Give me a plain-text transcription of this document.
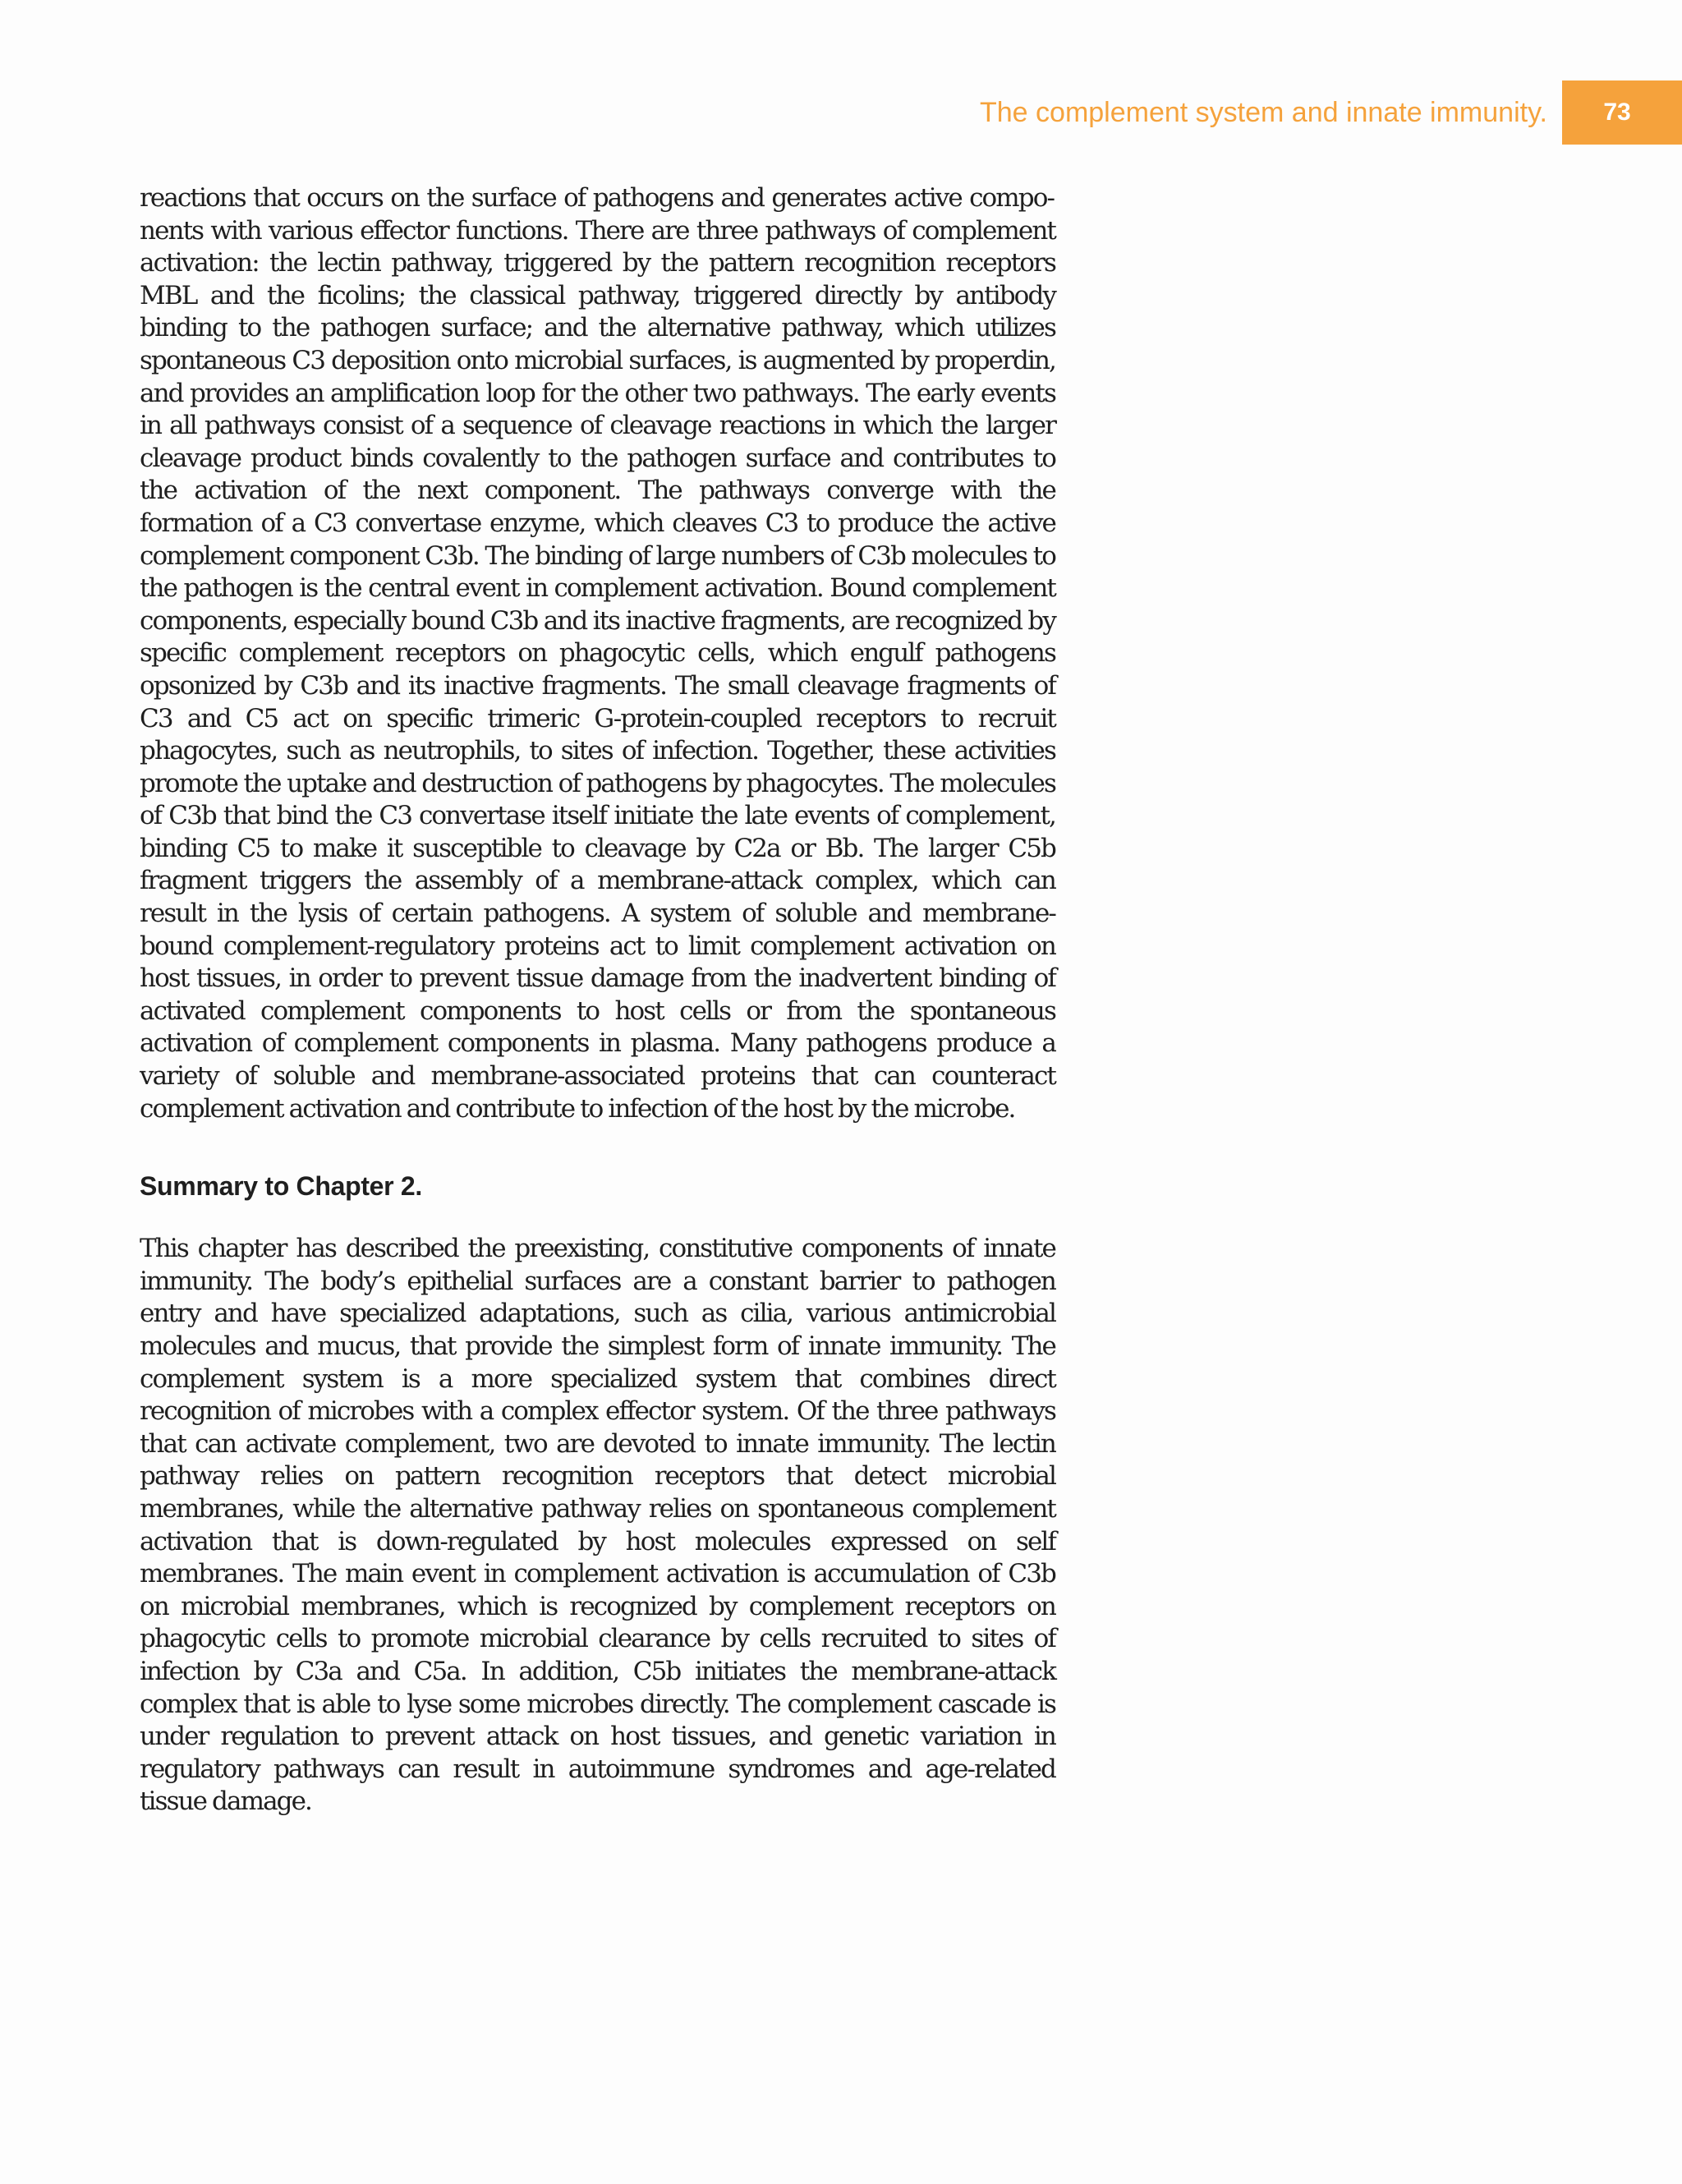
The complement system and innate immunity. 73

reactions that occurs on the surface of pathogens and generates active components with various effector functions. There are three pathways of complement activation: the lectin pathway, triggered by the pattern recognition receptors MBL and the ficolins; the classical pathway, triggered directly by antibody binding to the pathogen surface; and the alternative pathway, which utilizes spontaneous C3 deposition onto microbial surfaces, is augmented by properdin, and provides an amplification loop for the other two pathways. The early events in all pathways consist of a sequence of cleavage reactions in which the larger cleavage product binds covalently to the pathogen surface and contributes to the activation of the next component. The pathways converge with the formation of a C3 convertase enzyme, which cleaves C3 to produce the active complement component C3b. The binding of large numbers of C3b molecules to the pathogen is the central event in complement activation. Bound complement components, especially bound C3b and its inactive fragments, are recognized by specific complement receptors on phagocytic cells, which engulf pathogens opsonized by C3b and its inactive fragments. The small cleavage fragments of C3 and C5 act on specific trimeric G-protein-coupled receptors to recruit phagocytes, such as neutrophils, to sites of infection. Together, these activities promote the uptake and destruction of pathogens by phagocytes. The molecules of C3b that bind the C3 convertase itself initiate the late events of complement, binding C5 to make it susceptible to cleavage by C2a or Bb. The larger C5b fragment triggers the assembly of a membrane-attack complex, which can result in the lysis of certain pathogens. A system of soluble and membrane-bound complement-regulatory proteins act to limit complement activation on host tissues, in order to prevent tissue damage from the inadvertent binding of activated complement components to host cells or from the spontaneous activation of complement components in plasma. Many pathogens produce a variety of soluble and membrane-associated proteins that can counteract complement activation and contribute to infection of the host by the microbe.

Summary to Chapter 2.

This chapter has described the preexisting, constitutive components of innate immunity. The body’s epithelial surfaces are a constant barrier to pathogen entry and have specialized adaptations, such as cilia, various antimicrobial molecules and mucus, that provide the simplest form of innate immunity. The complement system is a more specialized system that combines direct recognition of microbes with a complex effector system. Of the three pathways that can activate complement, two are devoted to innate immunity. The lectin pathway relies on pattern recognition receptors that detect microbial membranes, while the alternative pathway relies on spontaneous complement activation that is down-regulated by host molecules expressed on self membranes. The main event in complement activation is accumulation of C3b on microbial membranes, which is recognized by complement receptors on phagocytic cells to promote microbial clearance by cells recruited to sites of infection by C3a and C5a. In addition, C5b initiates the membrane-attack complex that is able to lyse some microbes directly. The complement cascade is under regulation to prevent attack on host tissues, and genetic variation in regulatory pathways can result in autoimmune syndromes and age-related tissue damage.
